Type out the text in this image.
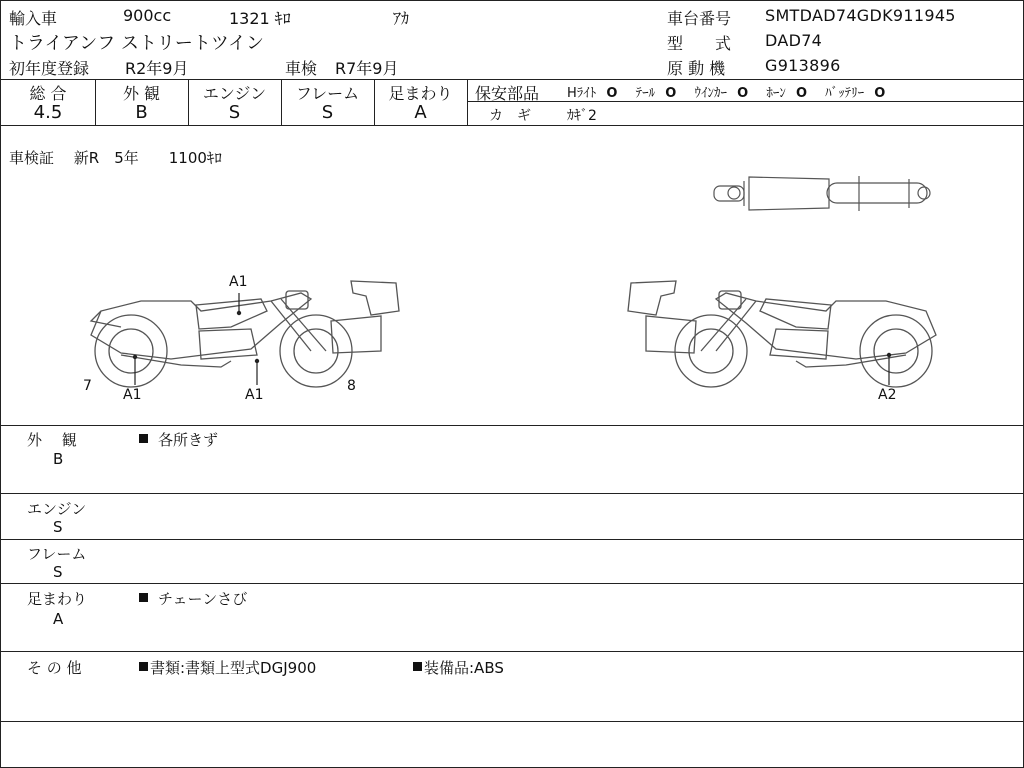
輸入車	900cc	1321 ｷﾛ	ｱｶ	車台番号 SMTDAD74GDK911945
トライアンフ ストリートツイン	型　　式 DAD74
初年度登録 R2年9月	車検 R7年9月	原 動 機 G913896
総 合
4.5
外 観
B
エンジン
S
フレーム
S
足まわり
A
保安部品 Hﾗｲﾄ O ﾃｰﾙ O ｳｲﾝｶｰ O ﾎｰﾝ O ﾊﾞｯﾃﾘｰ O
カ　ギ	ｶｷﾞ2
車検証　 新R　5年　　1100ｷﾛ
A1
A1	A1
7	8
A2
外　 観
B
各所きず
エンジン
S
フレーム
S
足まわり
A
チェーンさび
そ の 他	書類:書類上型式DGJ900	装備品:ABS
